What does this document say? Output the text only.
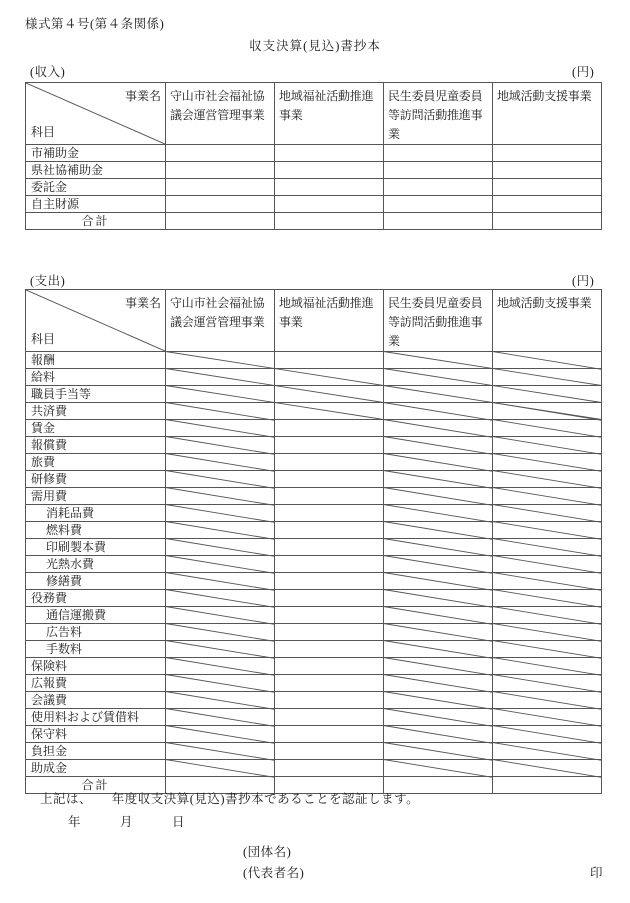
様式第４号(第４条関係)
収支決算(見込)書抄本
(収入)	(円)
事業名
科目	守山市社会福祉協議会運営管理事業	地域福祉活動推進事業	民生委員児童委員等訪問活動推進事業	地域活動支援事業
市補助金				
県社協補助金				
委託金				
自主財源				
合計				
(支出)	(円)
事業名
科目	守山市社会福祉協議会運営管理事業	地域福祉活動推進事業	民生委員児童委員等訪問活動推進事業	地域活動支援事業
報酬				
給料				
職員手当等				
共済費				
賃金				
報償費				
旅費				
研修費				
需用費				
消耗品費				
燃料費				
印刷製本費				
光熱水費				
修繕費				
役務費				
通信運搬費				
広告料				
手数料				
保険料				
広報費				
会議費				
使用料および賃借料				
保守料				
負担金				
助成金				
合計				
上記は、　　年度収支決算(見込)書抄本であることを認証します。
年　　　月　　　日
(団体名)
(代表者名)	印
